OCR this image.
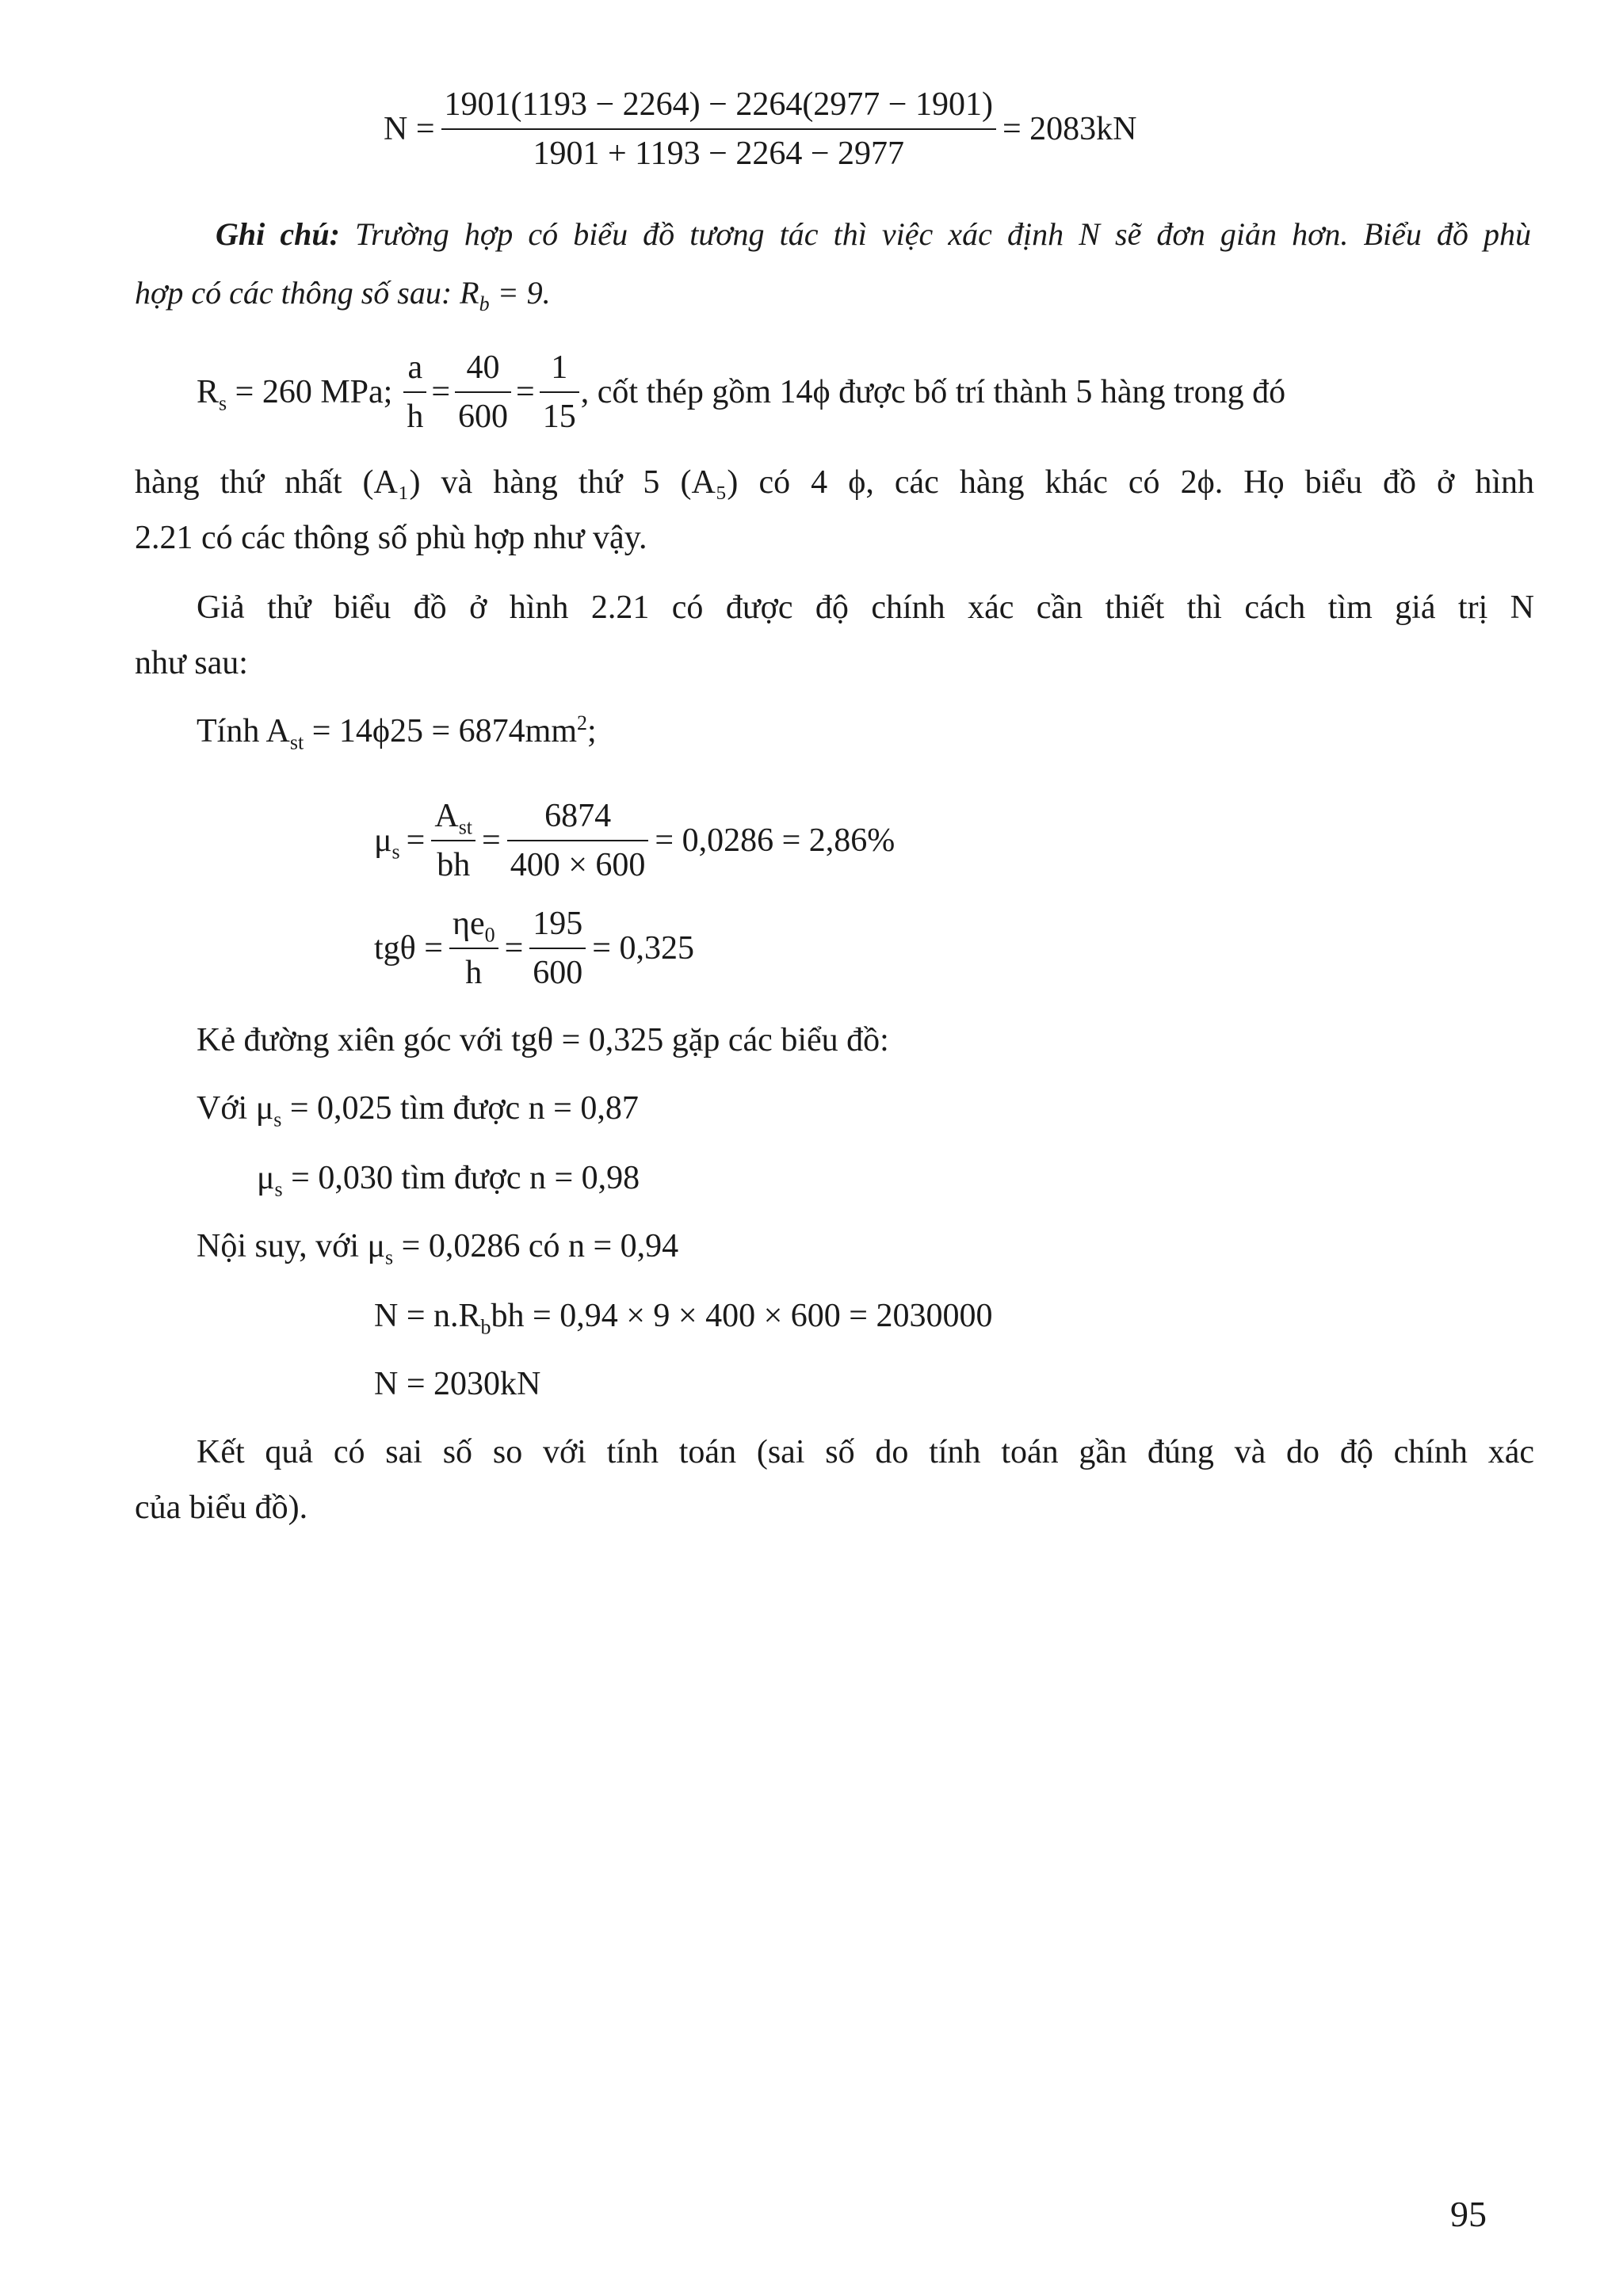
$N = \frac{1901(1193 - 2264) - 2264(2977 - 1901)}{1901 + 1193 - 2264 - 2977} = 2083kN$
Ghi chú: Trường hợp có biểu đồ tương tác thì việc xác định N sẽ đơn giản hơn. Biểu đồ phù
hợp có các thông số sau: $R_b = 9$.
$R_s = 260$ MPa; $\frac{a}{h} = \frac{40}{600} = \frac{1}{15}$ , cốt thép gồm 14ϕ được bố trí thành 5 hàng trong đó
hàng thứ nhất (A₁) và hàng thứ 5 (A₅) có 4 ϕ, các hàng khác có 2ϕ. Họ biểu đồ ở hình
2.21 có các thông số phù hợp như vậy.
Giả thử biểu đồ ở hình 2.21 có được độ chính xác cần thiết thì cách tìm giá trị N
như sau:
Tính $A_{st} = 14\phi 25 = 6874mm^2$;
$\mu_s = \frac{A_{st}}{bh} = \frac{6874}{400 \times 600} = 0,0286 = 2,86\%$
$tg\theta = \frac{\eta e_0}{h} = \frac{195}{600} = 0,325$
Kẻ đường xiên góc với tgθ = 0,325 gặp các biểu đồ:
Với $\mu_s = 0,025$ tìm được n = 0,87
$\mu_s = 0,030$ tìm được n = 0,98
Nội suy, với $\mu_s = 0,0286$ có n = 0,94
$N = n.R_bbh = 0,94 \times 9 \times 400 \times 600 = 2030000$
N = 2030kN
Kết quả có sai số so với tính toán (sai số do tính toán gần đúng và do độ chính xác
của biểu đồ).
95
